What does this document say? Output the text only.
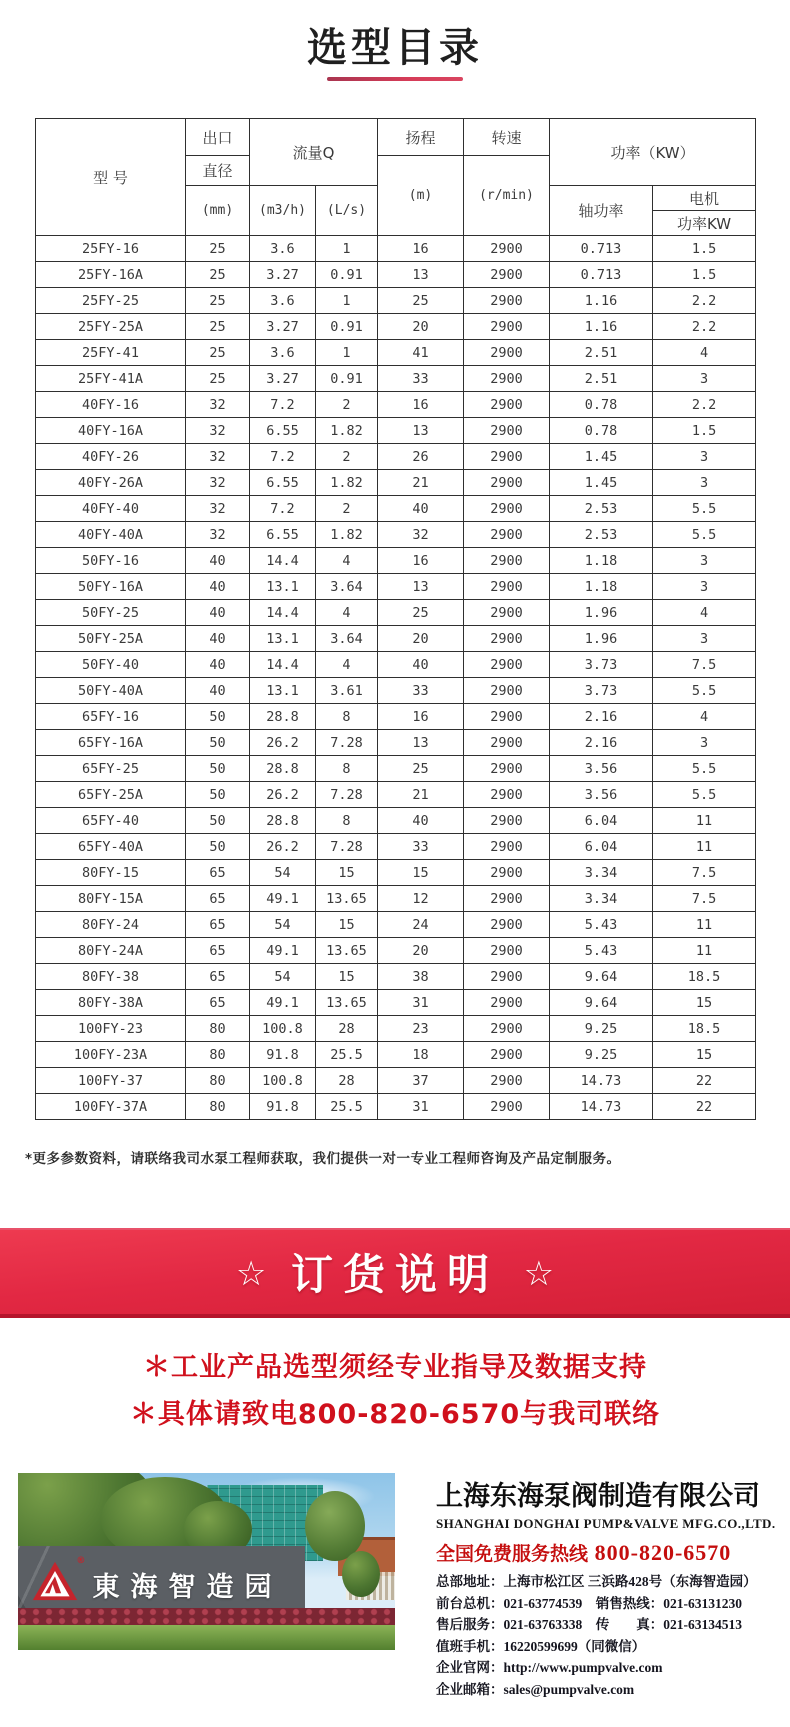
选型目录
型 号	出口	流量Q		扬程	转速	功率（KW）	
	直径			(m)	(r/min)		
	(mm)	(m3/h)	(L/s)			轴功率	电机
							功率KW
25FY-16	25	3.6	1	16	2900	0.713	1.5
25FY-16A	25	3.27	0.91	13	2900	0.713	1.5
25FY-25	25	3.6	1	25	2900	1.16	2.2
25FY-25A	25	3.27	0.91	20	2900	1.16	2.2
25FY-41	25	3.6	1	41	2900	2.51	4
25FY-41A	25	3.27	0.91	33	2900	2.51	3
40FY-16	32	7.2	2	16	2900	0.78	2.2
40FY-16A	32	6.55	1.82	13	2900	0.78	1.5
40FY-26	32	7.2	2	26	2900	1.45	3
40FY-26A	32	6.55	1.82	21	2900	1.45	3
40FY-40	32	7.2	2	40	2900	2.53	5.5
40FY-40A	32	6.55	1.82	32	2900	2.53	5.5
50FY-16	40	14.4	4	16	2900	1.18	3
50FY-16A	40	13.1	3.64	13	2900	1.18	3
50FY-25	40	14.4	4	25	2900	1.96	4
50FY-25A	40	13.1	3.64	20	2900	1.96	3
50FY-40	40	14.4	4	40	2900	3.73	7.5
50FY-40A	40	13.1	3.61	33	2900	3.73	5.5
65FY-16	50	28.8	8	16	2900	2.16	4
65FY-16A	50	26.2	7.28	13	2900	2.16	3
65FY-25	50	28.8	8	25	2900	3.56	5.5
65FY-25A	50	26.2	7.28	21	2900	3.56	5.5
65FY-40	50	28.8	8	40	2900	6.04	11
65FY-40A	50	26.2	7.28	33	2900	6.04	11
80FY-15	65	54	15	15	2900	3.34	7.5
80FY-15A	65	49.1	13.65	12	2900	3.34	7.5
80FY-24	65	54	15	24	2900	5.43	11
80FY-24A	65	49.1	13.65	20	2900	5.43	11
80FY-38	65	54	15	38	2900	9.64	18.5
80FY-38A	65	49.1	13.65	31	2900	9.64	15
100FY-23	80	100.8	28	23	2900	9.25	18.5
100FY-23A	80	91.8	25.5	18	2900	9.25	15
100FY-37	80	100.8	28	37	2900	14.73	22
100FY-37A	80	91.8	25.5	31	2900	14.73	22
*更多参数资料，请联络我司水泵工程师获取，我们提供一对一专业工程师咨询及产品定制服务。
☆ 订货说明 ☆
＊工业产品选型须经专业指导及数据支持
＊具体请致电800-820-6570与我司联络
®
東海智造园
上海东海泵阀制造有限公司
SHANGHAI DONGHAI PUMP&VALVE MFG.CO.,LTD.
全国免费服务热线 800-820-6570
总部地址：上海市松江区 三浜路428号（东海智造园）
前台总机：021-63774539　销售热线：021-63131230
售后服务：021-63763338　传　　真：021-63134513
值班手机：16220599699（同微信）
企业官网：http://www.pumpvalve.com
企业邮箱：sales@pumpvalve.com
